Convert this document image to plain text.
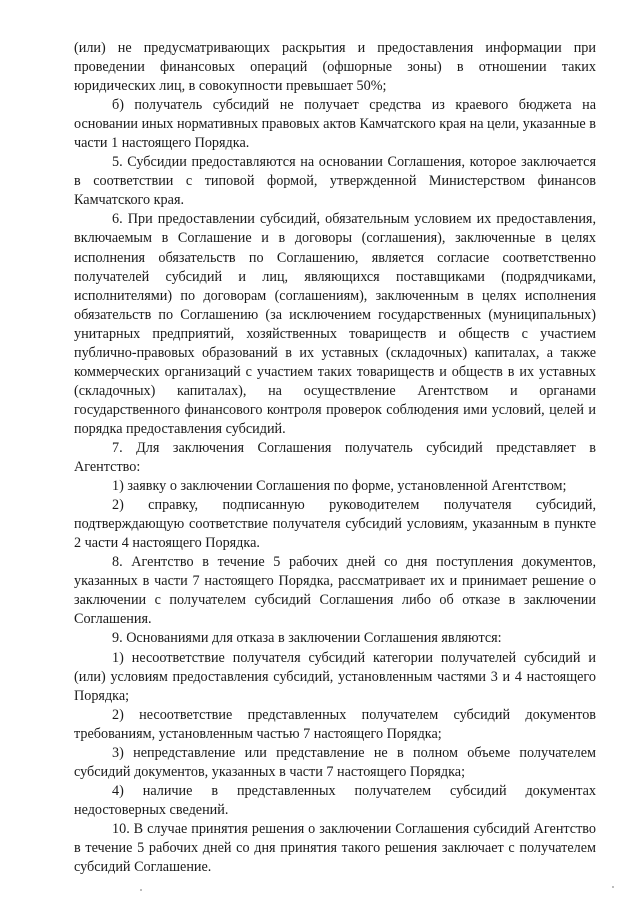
(или) не предусматривающих раскрытия и предоставления информации при проведении финансовых операций (офшорные зоны) в отношении таких юридических лиц, в совокупности превышает 50%;

б) получатель субсидий не получает средства из краевого бюджета на основании иных нормативных правовых актов Камчатского края на цели, указанные в части 1 настоящего Порядка.

5. Субсидии предоставляются на основании Соглашения, которое заключается в соответствии с типовой формой, утвержденной Министерством финансов Камчатского края.

6. При предоставлении субсидий, обязательным условием их предоставления, включаемым в Соглашение и в договоры (соглашения), заключенные в целях исполнения обязательств по Соглашению, является согласие соответственно получателей субсидий и лиц, являющихся поставщиками (подрядчиками, исполнителями) по договорам (соглашениям), заключенным в целях исполнения обязательств по Соглашению (за исключением государственных (муниципальных) унитарных предприятий, хозяйственных товариществ и обществ с участием публично-правовых образований в их уставных (складочных) капиталах, а также коммерческих организаций с участием таких товариществ и обществ в их уставных (складочных) капиталах), на осуществление Агентством и органами государственного финансового контроля проверок соблюдения ими условий, целей и порядка предоставления субсидий.

7. Для заключения Соглашения получатель субсидий представляет в Агентство:

1) заявку о заключении Соглашения по форме, установленной Агентством;

2) справку, подписанную руководителем получателя субсидий, подтверждающую соответствие получателя субсидий условиям, указанным в пункте 2 части 4 настоящего Порядка.

8. Агентство в течение 5 рабочих дней со дня поступления документов, указанных в части 7 настоящего Порядка, рассматривает их и принимает решение о заключении с получателем субсидий Соглашения либо об отказе в заключении Соглашения.

9. Основаниями для отказа в заключении Соглашения являются:

1) несоответствие получателя субсидий категории получателей субсидий и (или) условиям предоставления субсидий, установленным частями 3 и 4 настоящего Порядка;

2) несоответствие представленных получателем субсидий документов требованиям, установленным частью 7 настоящего Порядка;

3) непредставление или представление не в полном объеме получателем субсидий документов, указанных в части 7 настоящего Порядка;

4) наличие в представленных получателем субсидий документах недостоверных сведений.

10. В случае принятия решения о заключении Соглашения субсидий Агентство в течение 5 рабочих дней со дня принятия такого решения заключает с получателем субсидий Соглашение.
